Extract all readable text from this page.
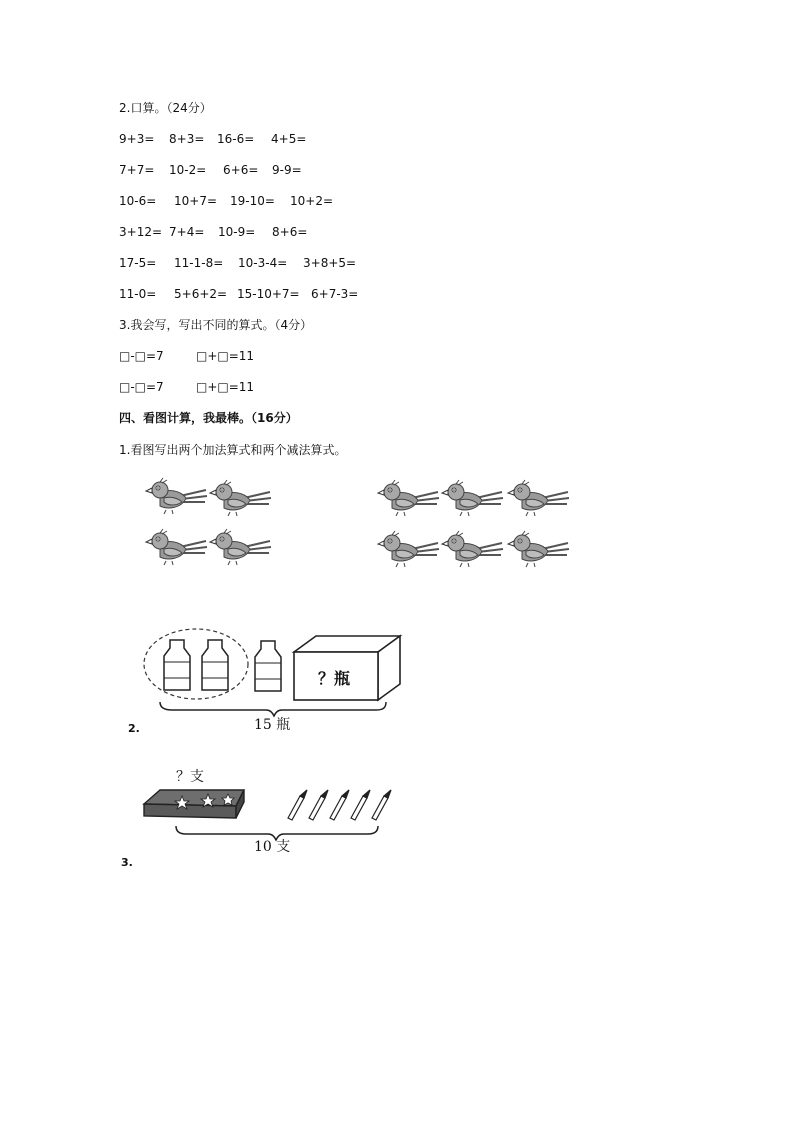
2.口算。（24分）
9+3= 8+3= 16-6= 4+5=
7+7= 10-2= 6+6= 9-9=
10-6= 10+7= 19-10= 10+2=
3+12= 7+4= 10-9= 8+6=
17-5= 11-1-8= 10-3-4= 3+8+5=
11-0= 5+6+2= 15-10+7= 6+7-3=
3.我会写，写出不同的算式。（4分）
□-□=7	□+□=11
□-□=7	□+□=11
四、看图计算，我最棒。（16分）
1.看图写出两个加法算式和两个减法算式。
？瓶
15 瓶
2.
？支
10 支
3.
